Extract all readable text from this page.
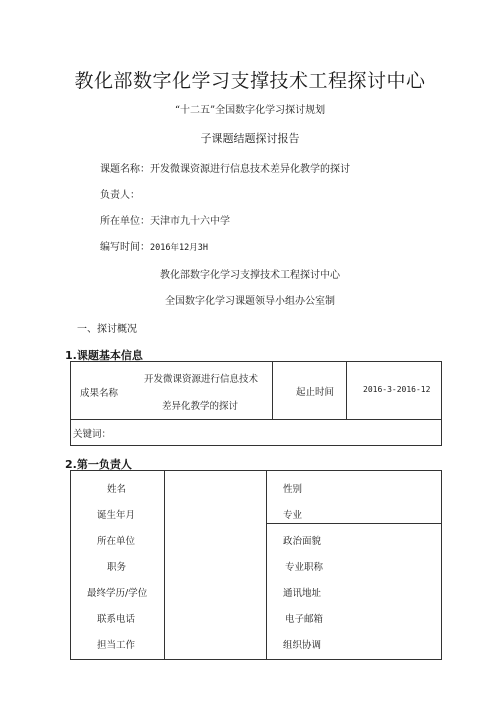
教化部数字化学习支撑技术工程探讨中心
“十二五”全国数字化学习探讨规划
子课题结题探讨报告
课题名称：开发微课资源进行信息技术差异化教学的探讨
负责人：
所在单位：天津市九十六中学
编写时间：2016年12月3H
教化部数字化学习支撑技术工程探讨中心
全国数字化学习课题领导小组办公室制
一、探讨概况
1.课题基本信息
成果名称
开发微课资源进行信息技术
差异化教学的探讨
起止时间	2016-3-2016-12
关键词：
2.第一负责人
姓名
诞生年月
所在单位
职务
最终学历/学位
联系电话
担当工作
性别
专业
政治面貌
专业职称
通讯地址
电子邮箱
组织协调
